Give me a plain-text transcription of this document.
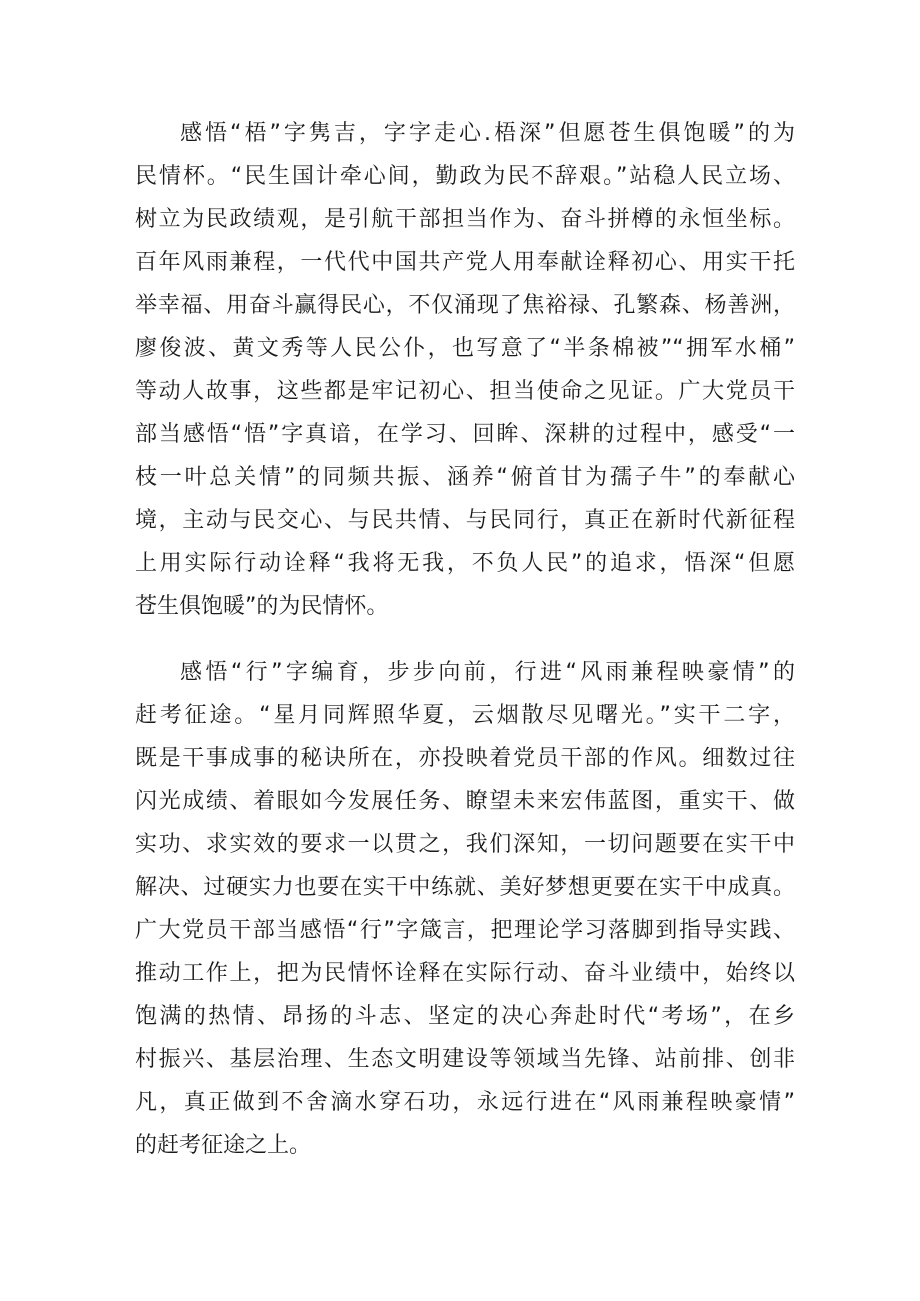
感悟“梧”字隽吉，字字走心.梧深”但愿苍生俱饱暖”的为

民情杯。“民生国计牵心间，勤政为民不辞艰。”站稳人民立场、

树立为民政绩观，是引航干部担当作为、奋斗拼樽的永恒坐标。

百年风雨兼程，一代代中国共产党人用奉献诠释初心、用实干托

举幸福、用奋斗赢得民心，不仅涌现了焦裕禄、孔繁森、杨善洲，

廖俊波、黄文秀等人民公仆，也写意了“半条棉被”“拥军水桶”

等动人故事，这些都是牢记初心、担当使命之见证。广大党员干

部当感悟“悟”字真谙，在学习、回眸、深耕的过程中，感受“一

枝一叶总关情”的同频共振、涵养“俯首甘为孺子牛”的奉献心

境，主动与民交心、与民共情、与民同行，真正在新时代新征程

上用实际行动诠释“我将无我，不负人民”的追求，悟深“但愿

苍生俱饱暖”的为民情怀。

感悟“行”字编育，步步向前，行进“风雨兼程映豪情”的

赶考征途。“星月同辉照华夏，云烟散尽见曙光。”实干二字，

既是干事成事的秘诀所在，亦投映着党员干部的作风。细数过往

闪光成绩、着眼如今发展任务、瞭望未来宏伟蓝图，重实干、做

实功、求实效的要求一以贯之，我们深知，一切问题要在实干中

解决、过硬实力也要在实干中练就、美好梦想更要在实干中成真。

广大党员干部当感悟“行”字箴言，把理论学习落脚到指导实践、

推动工作上，把为民情怀诠释在实际行动、奋斗业绩中，始终以

饱满的热情、昂扬的斗志、坚定的决心奔赴时代“考场”，在乡

村振兴、基层治理、生态文明建设等领域当先锋、站前排、创非

凡，真正做到不舍滴水穿石功，永远行进在“风雨兼程映豪情”

的赶考征途之上。
